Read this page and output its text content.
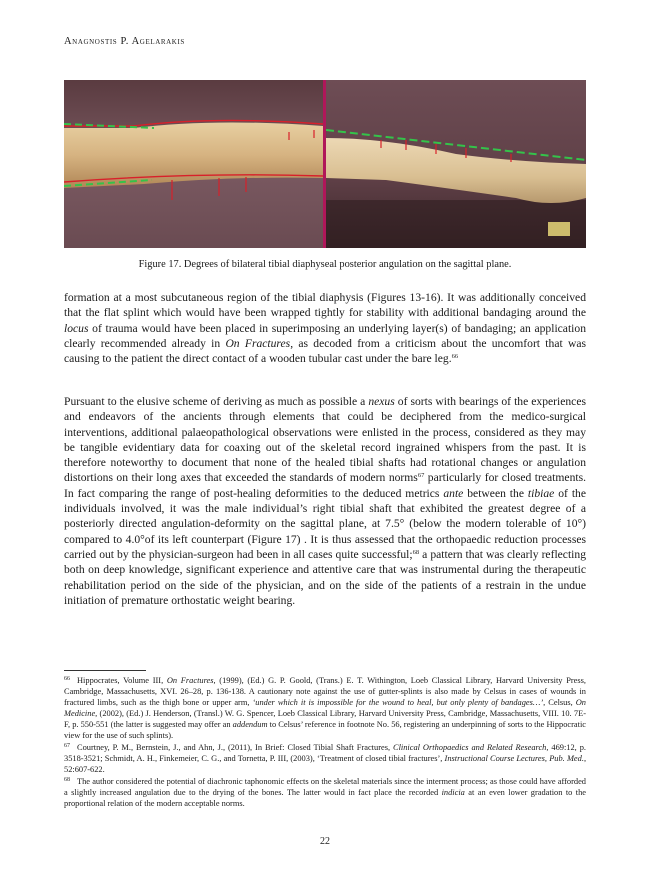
Anagnostis P. Agelarakis
Figure 17. Degrees of bilateral tibial diaphyseal posterior angulation on the sagittal plane.

formation at a most subcutaneous region of the tibial diaphysis (Figures 13-16). It was additionally conceived that the flat splint which would have been wrapped tightly for stability with additional bandaging around the locus of trauma would have been placed in superimposing an underlying layer(s) of bandaging; an application clearly recommended already in On Fractures, as decoded from a criticism about the uncomfort that was causing to the patient the direct contact of a wooden tubular cast under the bare leg.$^{66}$

Pursuant to the elusive scheme of deriving as much as possible a nexus of sorts with bearings of the experiences and endeavors of the ancients through elements that could be deciphered from the medico-surgical interventions, additional palaeopathological observations were enlisted in the process, considered as they may be tangible evidentiary data for coaxing out of the skeletal record ingrained whispers from the past. It is therefore noteworthy to document that none of the healed tibial shafts had rotational changes or angulation distortions on their long axes that exceeded the standards of modern norms$^{67}$ particularly for closed treatments. In fact comparing the range of post-healing deformities to the deduced metrics ante between the tibiae of the individuals involved, it was the male individual’s right tibial shaft that exhibited the greatest degree of a posteriorly directed angulation-deformity on the sagittal plane, at 7.5° (below the modern tolerable of 10°) compared to 4.0°of its left counterpart (Figure 17) . It is thus assessed that the orthopaedic reduction processes carried out by the physician-surgeon had been in all cases quite successful;$^{68}$ a pattern that was clearly reflecting both on deep knowledge, significant experience and attentive care that was instrumental during the therapeutic rehabilitation period on the side of the physician, and on the side of the patients of a restrain in the undue initiation of premature orthostatic weight bearing.

$^{66}$ Hippocrates, Volume III, On Fractures, (1999), (Ed.) G. P. Goold, (Trans.) E. T. Withington, Loeb Classical Library, Harvard University Press, Cambridge, Massachusetts, XVI. 26–28, p. 136-138. A cautionary note against the use of gutter-splints is also made by Celsus in cases of wounds in fractured limbs, such as the thigh bone or upper arm, ‘under which it is impossible for the wound to heal, but only plenty of bandages…’, Celsus, On Medicine, (2002), (Ed.) J. Henderson, (Transl.) W. G. Spencer, Loeb Classical Library, Harvard University Press, Cambridge, Massachusetts, VIII. 10. 7E-F, p. 550-551 (the latter is suggested may offer an addendum to Celsus’ reference in footnote No. 56, registering an underpinning of sorts to the Hippocratic view for the use of such splints).

$^{67}$ Courtney, P. M., Bernstein, J., and Ahn, J., (2011), In Brief: Closed Tibial Shaft Fractures, Clinical Orthopaedics and Related Research, 469:12, p. 3518-3521; Schmidt, A. H., Finkemeier, C. G., and Tornetta, P. III, (2003), ‘Treatment of closed tibial fractures’, Instructional Course Lectures, Pub. Med., 52:607-622.

$^{68}$ The author considered the potential of diachronic taphonomic effects on the skeletal materials since the interment process; as those could have afforded a slightly increased angulation due to the drying of the bones. The latter would in fact place the recorded indicia at an even lower gradation to the proportional relation of the modern acceptable norms.

22
